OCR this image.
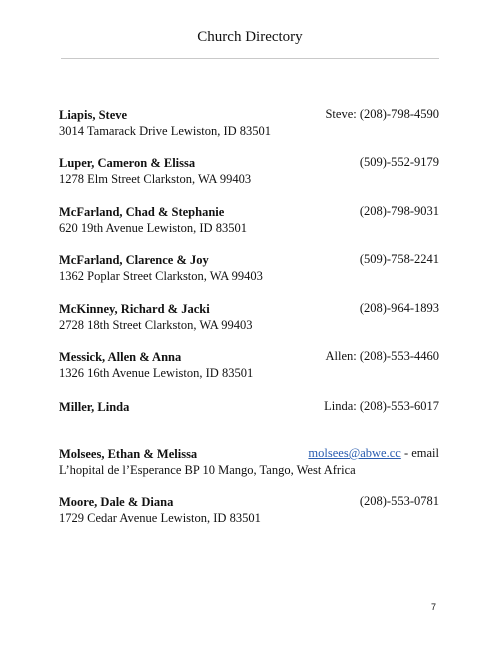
Church Directory
Liapis, Steve	Steve: (208)-798-4590
3014 Tamarack Drive Lewiston, ID 83501
Luper, Cameron & Elissa	(509)-552-9179
1278 Elm Street Clarkston, WA 99403
McFarland, Chad & Stephanie	(208)-798-9031
620 19th Avenue Lewiston, ID 83501
McFarland, Clarence & Joy	(509)-758-2241
1362 Poplar Street Clarkston, WA 99403
McKinney, Richard & Jacki	(208)-964-1893
2728 18th Street Clarkston, WA 99403
Messick, Allen & Anna	Allen: (208)-553-4460
1326 16th Avenue Lewiston, ID 83501
Miller, Linda	Linda: (208)-553-6017
Molsees, Ethan & Melissa	molsees@abwe.cc - email
L’hopital de l’Esperance BP 10 Mango, Tango, West Africa
Moore, Dale & Diana	(208)-553-0781
1729 Cedar Avenue Lewiston, ID 83501
7
